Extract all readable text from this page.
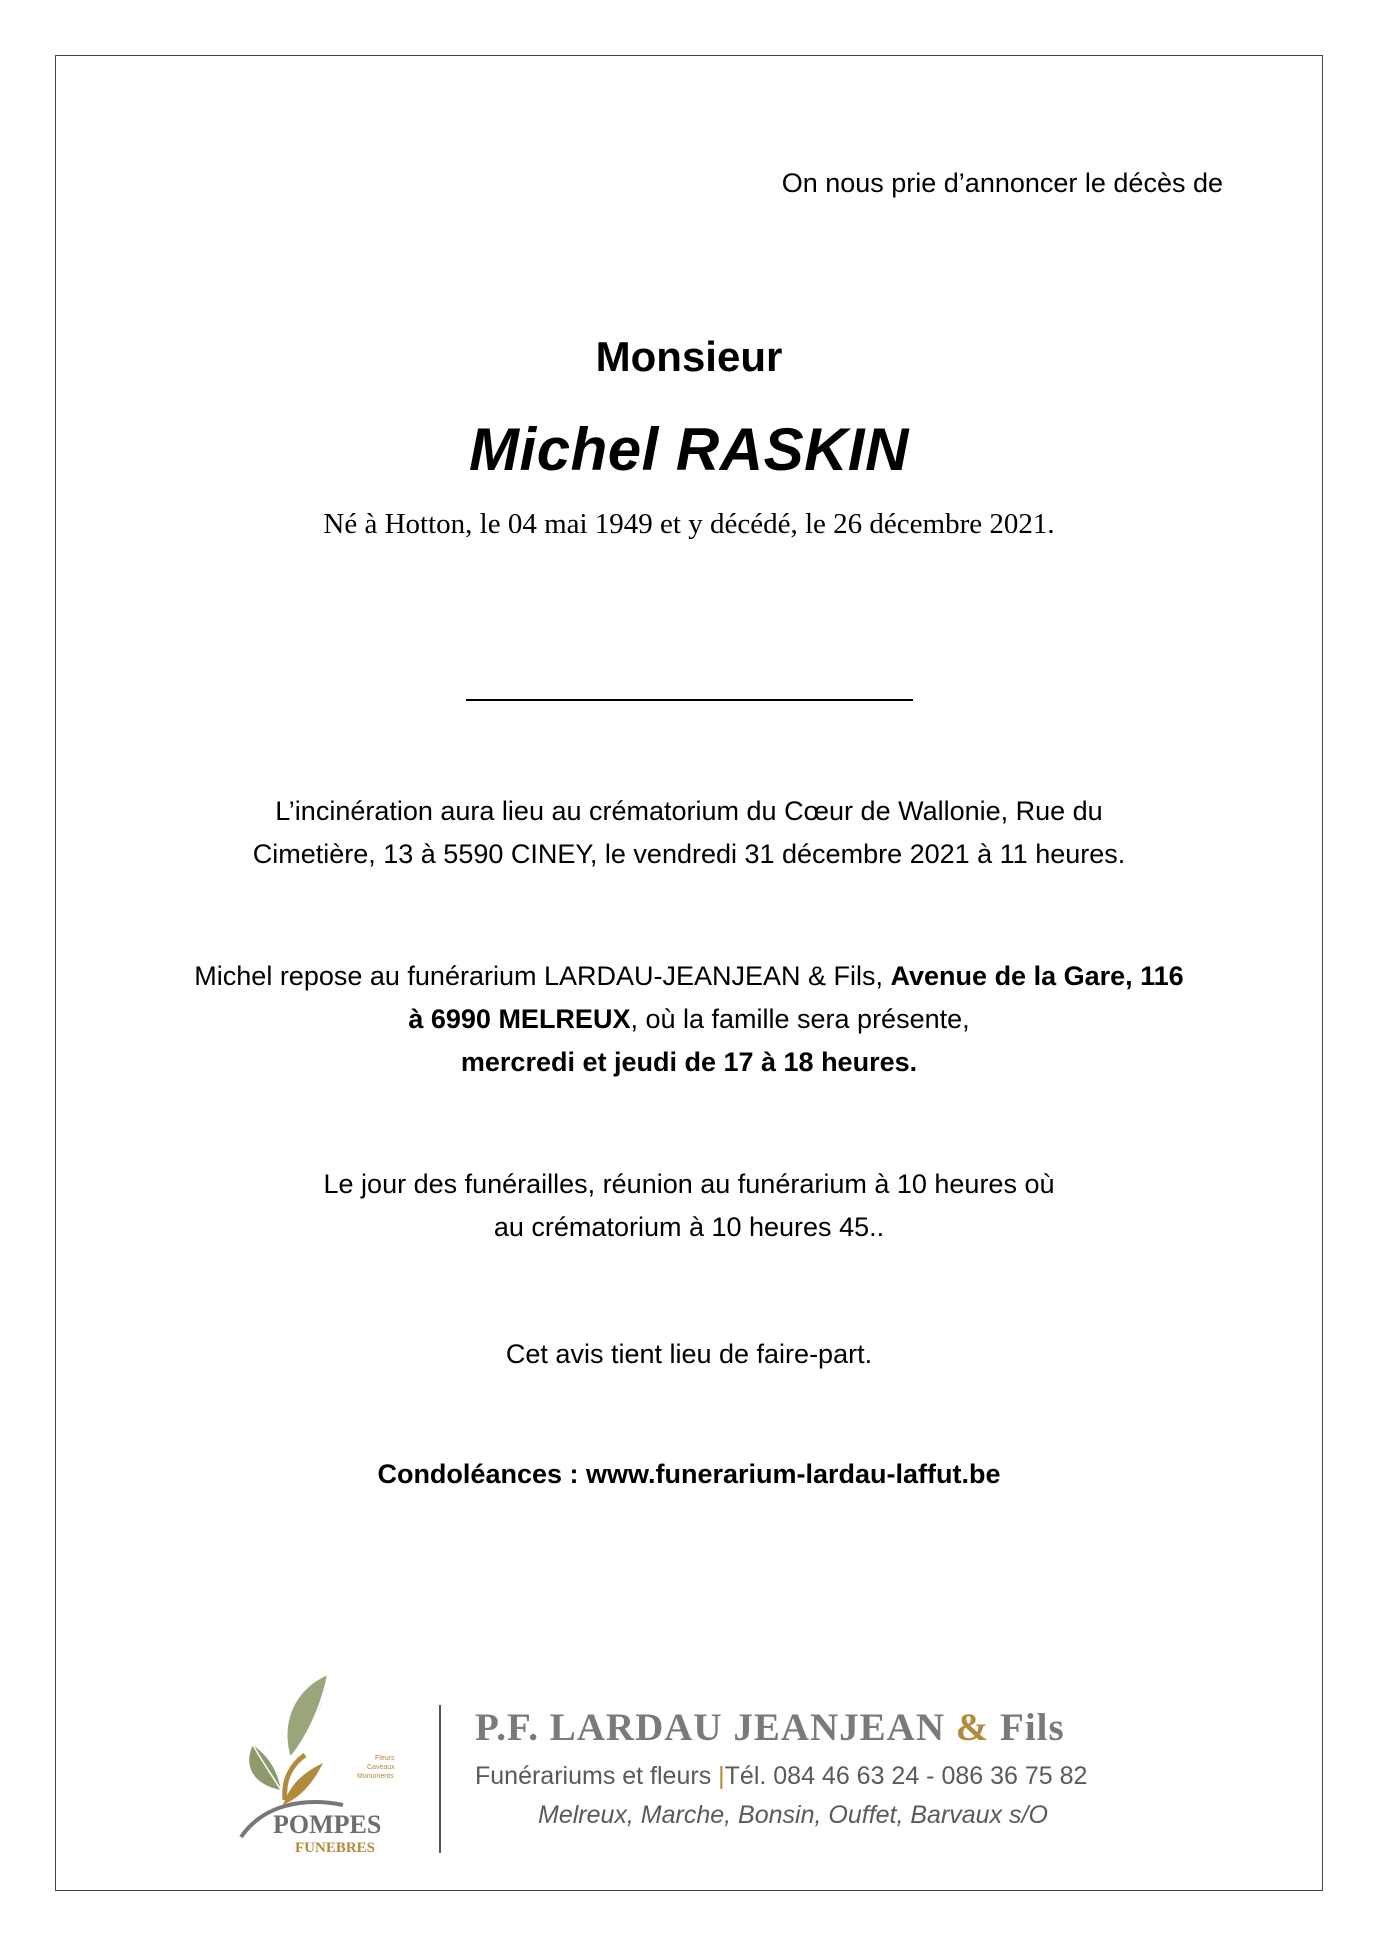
On nous prie d’annoncer le décès de
Monsieur
Michel RASKIN
Né à Hotton, le 04 mai 1949 et y décédé, le 26 décembre 2021.
L’incinération aura lieu au crématorium du Cœur de Wallonie, Rue du
Cimetière, 13 à 5590 CINEY, le vendredi 31 décembre 2021 à 11 heures.
Michel repose au funérarium LARDAU-JEANJEAN & Fils, Avenue de la Gare, 116
à 6990 MELREUX, où la famille sera présente,
mercredi et jeudi de 17 à 18 heures.
Le jour des funérailles, réunion au funérarium à 10 heures où
au crématorium à 10 heures 45..
Cet avis tient lieu de faire-part.
Condoléances : www.funerarium-lardau-laffut.be
Fleurs
Caveaux
Monuments
POMPES
FUNEBRES
P.F. LARDAU JEANJEAN & Fils
Funérariums et fleurs |Tél. 084 46 63 24 - 086 36 75 82
Melreux, Marche, Bonsin, Ouffet, Barvaux s/O
